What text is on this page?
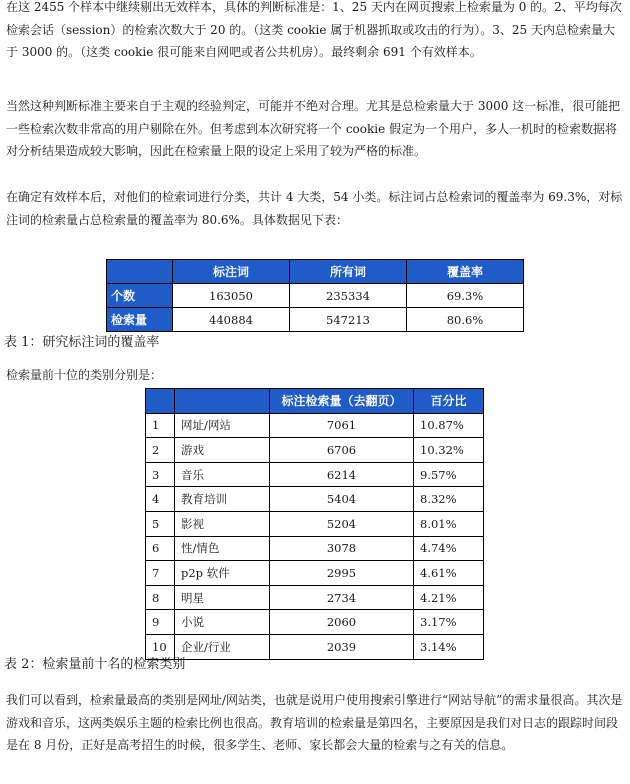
在这 2455 个样本中继续剔出无效样本，具体的判断标准是：1、25 天内在网页搜索上检索量为 0 的。2、平均每次检索会话（session）的检索次数大于 20 的。（这类 cookie 属于机器抓取或攻击的行为）。3、25 天内总检索量大于 3000 的。（这类 cookie 很可能来自网吧或者公共机房）。最终剩余 691 个有效样本。

当然这种判断标准主要来自于主观的经验判定，可能并不绝对合理。尤其是总检索量大于 3000 这一标准，很可能把一些检索次数非常高的用户剔除在外。但考虑到本次研究将一个 cookie 假定为一个用户，多人一机时的检索数据将对分析结果造成较大影响，因此在检索量上限的设定上采用了较为严格的标准。

在确定有效样本后，对他们的检索词进行分类，共计 4 大类，54 小类。标注词占总检索词的覆盖率为 69.3%，对标注词的检索量占总检索量的覆盖率为 80.6%。具体数据见下表：

	标注词	所有词	覆盖率
个数	163050	235334	69.3%
检索量	440884	547213	80.6%

表 1：研究标注词的覆盖率

检索量前十位的类别分别是：

		标注检索量（去翻页）	百分比
1	网址/网站	7061	10.87%
2	游戏	6706	10.32%
3	音乐	6214	9.57%
4	教育培训	5404	8.32%
5	影视	5204	8.01%
6	性/情色	3078	4.74%
7	p2p 软件	2995	4.61%
8	明星	2734	4.21%
9	小说	2060	3.17%
10	企业/行业	2039	3.14%

表 2：检索量前十名的检索类别

我们可以看到，检索量最高的类别是网址/网站类，也就是说用户使用搜索引擎进行“网站导航”的需求量很高。其次是游戏和音乐，这两类娱乐主题的检索比例也很高。教育培训的检索量是第四名，主要原因是我们对日志的跟踪时间段是在 8 月份，正好是高考招生的时候，很多学生、老师、家长都会大量的检索与之有关的信息。
